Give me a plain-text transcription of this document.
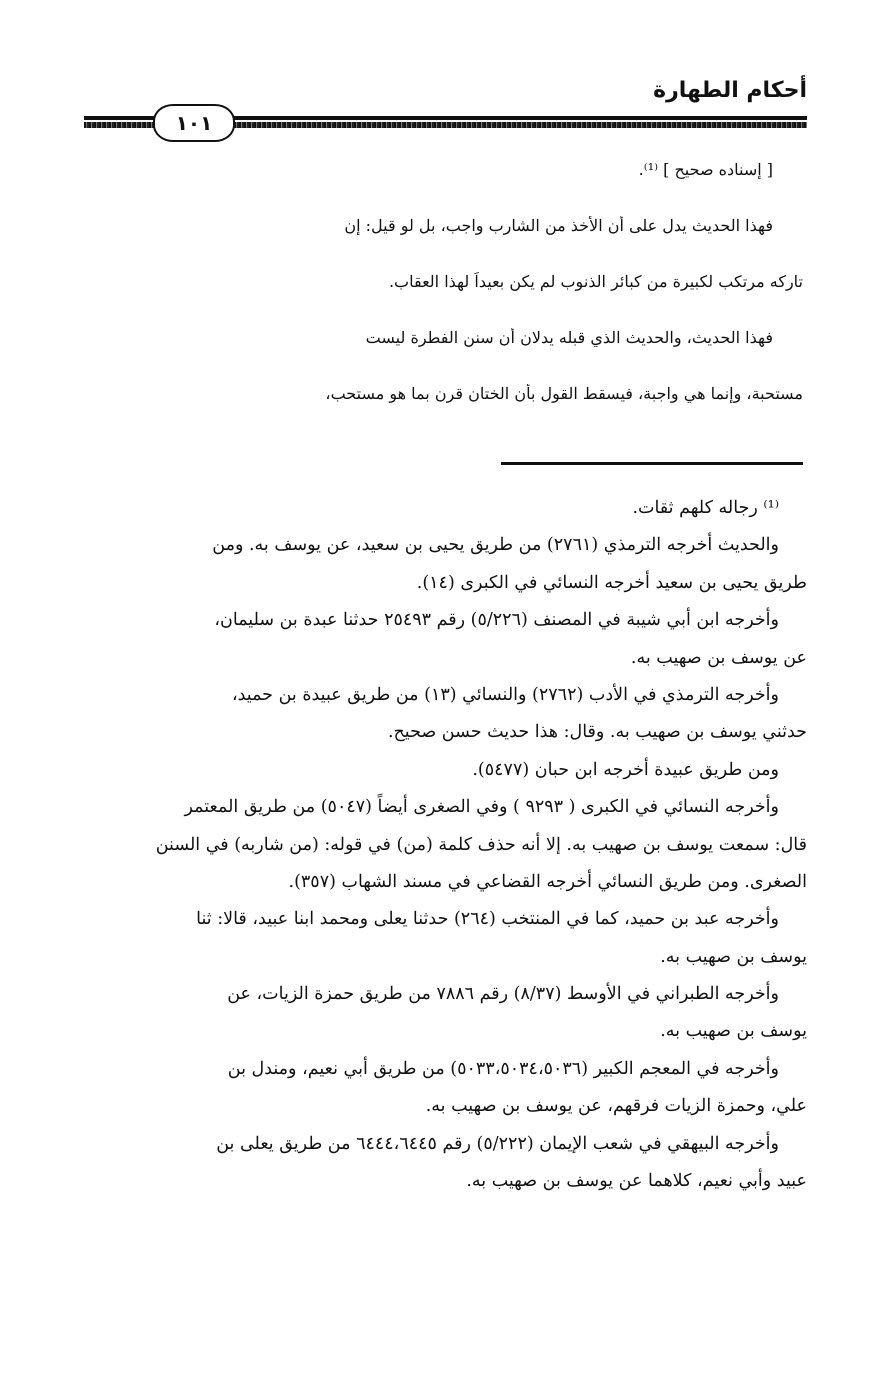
أحكام الطهارة
١٠١
[ إسناده صحيح ] ⁽¹⁾.
فهذا الحديث يدل على أن الأخذ من الشارب واجب، بل لو قيل: إن
تاركه مرتكب لكبيرة من كبائر الذنوب لم يكن بعيداً لهذا العقاب.
فهذا الحديث، والحديث الذي قبله يدلان أن سنن الفطرة ليست
مستحبة، وإنما هي واجبة، فيسقط القول بأن الختان قرن بما هو مستحب،
⁽¹⁾ رجاله كلهم ثقات.
والحديث أخرجه الترمذي (٢٧٦١) من طريق يحيى بن سعيد، عن يوسف به. ومن
طريق يحيى بن سعيد أخرجه النسائي في الكبرى (١٤).
وأخرجه ابن أبي شيبة في المصنف (٥/٢٢٦) رقم ٢٥٤٩٣ حدثنا عبدة بن سليمان،
عن يوسف بن صهيب به.
وأخرجه الترمذي في الأدب (٢٧٦٢) والنسائي (١٣) من طريق عبيدة بن حميد،
حدثني يوسف بن صهيب به. وقال: هذا حديث حسن صحيح.
ومن طريق عبيدة أخرجه ابن حبان (٥٤٧٧).
وأخرجه النسائي في الكبرى ( ٩٢٩٣ ) وفي الصغرى أيضاً (٥٠٤٧) من طريق المعتمر
قال: سمعت يوسف بن صهيب به. إلا أنه حذف كلمة (من) في قوله: (من شاربه) في السنن
الصغرى. ومن طريق النسائي أخرجه القضاعي في مسند الشهاب (٣٥٧).
وأخرجه عبد بن حميد، كما في المنتخب (٢٦٤) حدثنا يعلى ومحمد ابنا عبيد، قالا: ثنا
يوسف بن صهيب به.
وأخرجه الطبراني في الأوسط (٨/٣٧) رقم ٧٨٨٦ من طريق حمزة الزيات، عن
يوسف بن صهيب به.
وأخرجه في المعجم الكبير (٥٠٣٣،٥٠٣٤،٥٠٣٦) من طريق أبي نعيم، ومندل بن
علي، وحمزة الزيات فرقهم، عن يوسف بن صهيب به.
وأخرجه البيهقي في شعب الإيمان (٥/٢٢٢) رقم ٦٤٤٤،٦٤٤٥ من طريق يعلى بن
عبيد وأبي نعيم، كلاهما عن يوسف بن صهيب به.
